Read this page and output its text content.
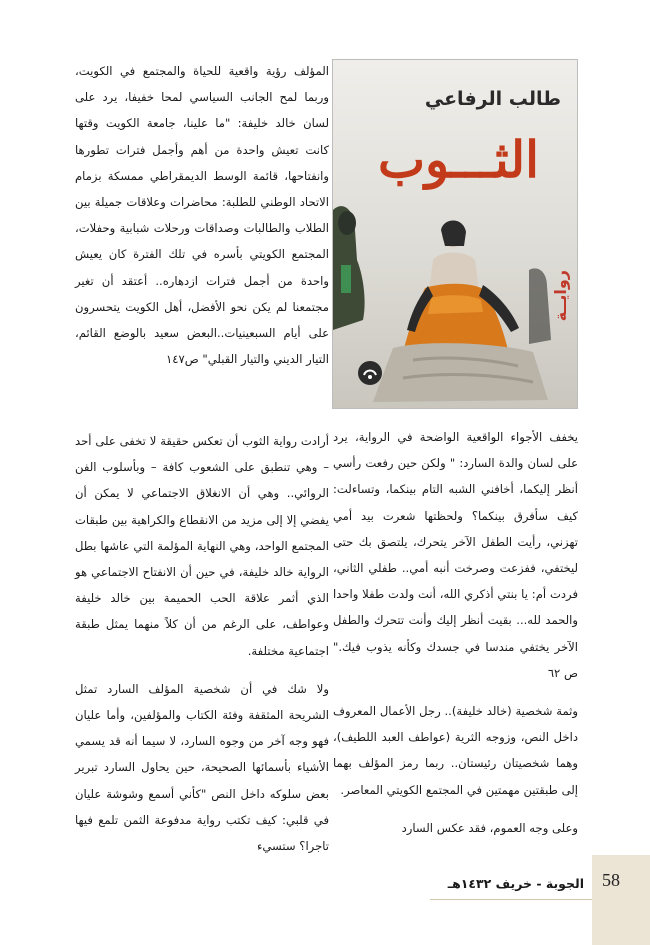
طالب الرفاعي
الثـــوب
روايــة

المؤلف رؤية واقعية للحياة والمجتمع في الكويت، وربما لمح الجانب السياسي لمحا خفيفا، يرد على لسان خالد خليفة: "ما علينا، جامعة الكويت وقتها كانت تعيش واحدة من أهم وأجمل فترات تطورها وانفتاحها، قائمة الوسط الديمقراطي ممسكة بزمام الاتحاد الوطني للطلبة: محاضرات وعلاقات جميلة بين الطلاب والطالبات وصداقات ورحلات شبابية وحفلات، المجتمع الكويتي بأسره في تلك الفترة كان يعيش واحدة من أجمل فترات ازدهاره.. أعتقد أن تغير مجتمعنا لم يكن نحو الأفضل، أهل الكويت يتحسرون على أيام السبعينيات..البعض سعيد بالوضع القائم، التيار الديني والتيار القبلي" ص١٤٧

يخفف الأجواء الواقعية الواضحة في الرواية، يرد على لسان والدة السارد: " ولكن حين رفعت رأسي أنظر إليكما، أخافني الشبه التام بينكما، وتساءلت: كيف سأفرق بينكما؟ ولحظتها شعرت بيد أمي تهزني، رأيت الطفل الآخر يتحرك، يلتصق بك حتى ليختفي، ففزعت وصرخت أنبه أمي.. طفلي الثاني، فردت أم: يا بنتي أذكري الله، أنت ولدت طفلا واحدا والحمد لله... بقيت أنظر إليك وأنت تتحرك والطفل الآخر يختفي مندسا في جسدك وكأنه يذوب فيك." ص ٦٢

وثمة شخصية (خالد خليفة).. رجل الأعمال المعروف داخل النص، وزوجه الثرية (عواطف العبد اللطيف)، وهما شخصيتان رئيستان.. ربما رمز المؤلف بهما إلى طبقتين مهمتين في المجتمع الكويتي المعاصر.

وعلى وجه العموم، فقد عكس السارد

أرادت رواية الثوب أن تعكس حقيقة لا تخفى على أحد – وهي تنطبق على الشعوب كافة – وبأسلوب الفن الروائي.. وهي أن الانغلاق الاجتماعي لا يمكن أن يفضي إلا إلى مزيد من الانقطاع والكراهية بين طبقات المجتمع الواحد، وهي النهاية المؤلمة التي عاشها بطل الرواية خالد خليفة، في حين أن الانفتاح الاجتماعي هو الذي أثمر علاقة الحب الحميمة بين خالد خليفة وعواطف، على الرغم من أن كلاً منهما يمثل طبقة اجتماعية مختلفة.

ولا شك في أن شخصية المؤلف السارد تمثل الشريحة المثقفة وفئة الكتاب والمؤلفين، وأما عليان فهو وجه آخر من وجوه السارد، لا سيما أنه قد يسمي الأشياء بأسمائها الصحيحة، حين يحاول السارد تبرير بعض سلوكه داخل النص "كأني أسمع وشوشة عليان في قلبي: كيف تكتب رواية مدفوعة الثمن تلمع فيها تاجرا؟ ستسيء

58
الجوبة - خريف ١٤٣٢هـ
